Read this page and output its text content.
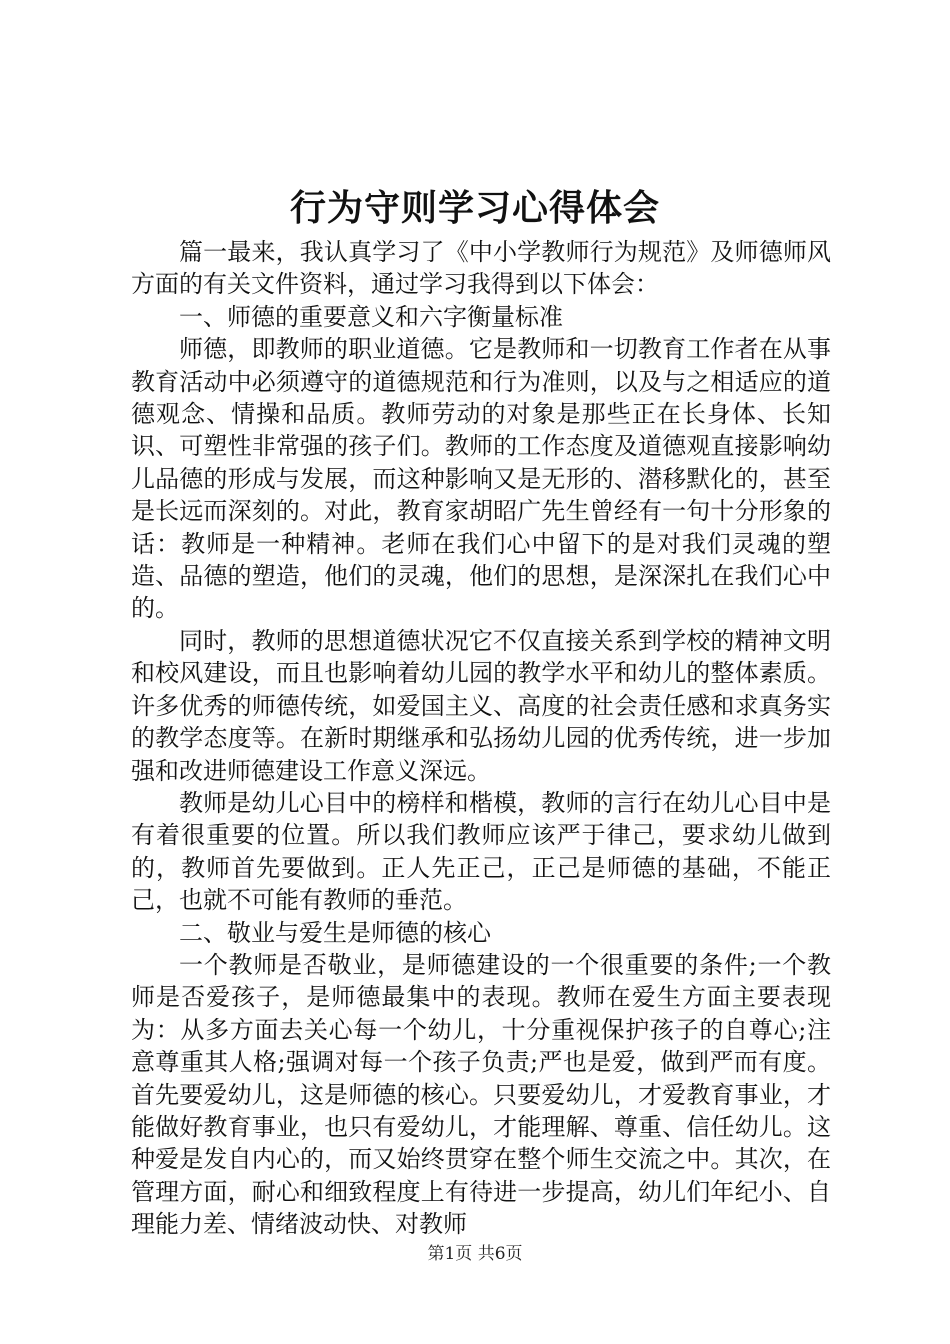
行为守则学习心得体会

篇一最来，我认真学习了《中小学教师行为规范》及师德师风方面的有关文件资料，通过学习我得到以下体会：

一、师德的重要意义和六字衡量标准

师德，即教师的职业道德。它是教师和一切教育工作者在从事教育活动中必须遵守的道德规范和行为准则，以及与之相适应的道德观念、情操和品质。教师劳动的对象是那些正在长身体、长知识、可塑性非常强的孩子们。教师的工作态度及道德观直接影响幼儿品德的形成与发展，而这种影响又是无形的、潜移默化的，甚至是长远而深刻的。对此，教育家胡昭广先生曾经有一句十分形象的话：教师是一种精神。老师在我们心中留下的是对我们灵魂的塑造、品德的塑造，他们的灵魂，他们的思想，是深深扎在我们心中的。

同时，教师的思想道德状况它不仅直接关系到学校的精神文明和校风建设，而且也影响着幼儿园的教学水平和幼儿的整体素质。许多优秀的师德传统，如爱国主义、高度的社会责任感和求真务实的教学态度等。在新时期继承和弘扬幼儿园的优秀传统，进一步加强和改进师德建设工作意义深远。

教师是幼儿心目中的榜样和楷模，教师的言行在幼儿心目中是有着很重要的位置。所以我们教师应该严于律己，要求幼儿做到的，教师首先要做到。正人先正己，正己是师德的基础，不能正己，也就不可能有教师的垂范。

二、敬业与爱生是师德的核心

一个教师是否敬业，是师德建设的一个很重要的条件;一个教师是否爱孩子，是师德最集中的表现。教师在爱生方面主要表现为：从多方面去关心每一个幼儿，十分重视保护孩子的自尊心;注意尊重其人格;强调对每一个孩子负责;严也是爱，做到严而有度。首先要爱幼儿，这是师德的核心。只要爱幼儿，才爱教育事业，才能做好教育事业，也只有爱幼儿，才能理解、尊重、信任幼儿。这种爱是发自内心的，而又始终贯穿在整个师生交流之中。其次，在管理方面，耐心和细致程度上有待进一步提高，幼儿们年纪小、自理能力差、情绪波动快、对教师

第1页 共6页
